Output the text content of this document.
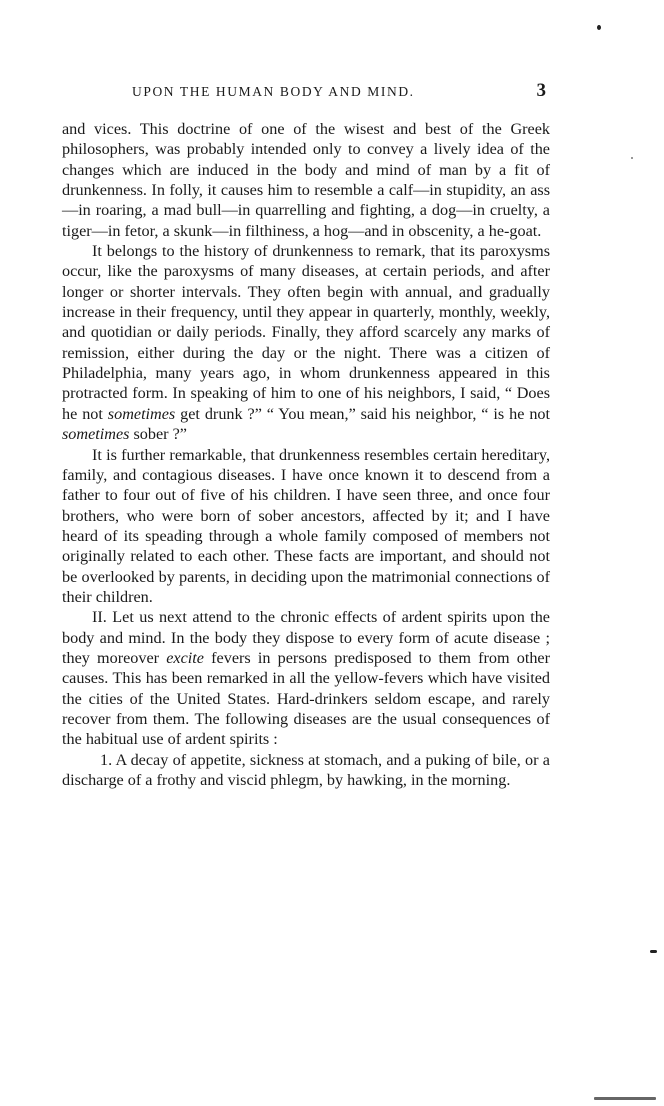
UPON THE HUMAN BODY AND MIND.	3

and vices. This doctrine of one of the wisest and best of the Greek philosophers, was probably intended only to convey a lively idea of the changes which are induced in the body and mind of man by a fit of drunkenness. In folly, it causes him to resemble a calf—in stupidity, an ass—in roaring, a mad bull—in quarrelling and fighting, a dog—in cruelty, a tiger—in fetor, a skunk—in filthiness, a hog—and in obscenity, a he-goat.

It belongs to the history of drunkenness to remark, that its paroxysms occur, like the paroxysms of many diseases, at certain periods, and after longer or shorter intervals. They often begin with annual, and gradually increase in their frequency, until they appear in quarterly, monthly, weekly, and quotidian or daily periods. Finally, they afford scarcely any marks of remission, either during the day or the night. There was a citizen of Philadelphia, many years ago, in whom drunkenness appeared in this protracted form. In speaking of him to one of his neighbors, I said, “ Does he not sometimes get drunk ?” “ You mean,” said his neighbor, “ is he not sometimes sober ?”

It is further remarkable, that drunkenness resembles certain hereditary, family, and contagious diseases. I have once known it to descend from a father to four out of five of his children. I have seen three, and once four brothers, who were born of sober ancestors, affected by it; and I have heard of its speading through a whole family composed of members not originally related to each other. These facts are important, and should not be overlooked by parents, in deciding upon the matrimonial connections of their children.

II. Let us next attend to the chronic effects of ardent spirits upon the body and mind. In the body they dispose to every form of acute disease ; they moreover excite fevers in persons predisposed to them from other causes. This has been remarked in all the yellow-fevers which have visited the cities of the United States. Hard-drinkers seldom escape, and rarely recover from them. The following diseases are the usual consequences of the habitual use of ardent spirits :

1. A decay of appetite, sickness at stomach, and a puking of bile, or a discharge of a frothy and viscid phlegm, by hawking, in the morning.
